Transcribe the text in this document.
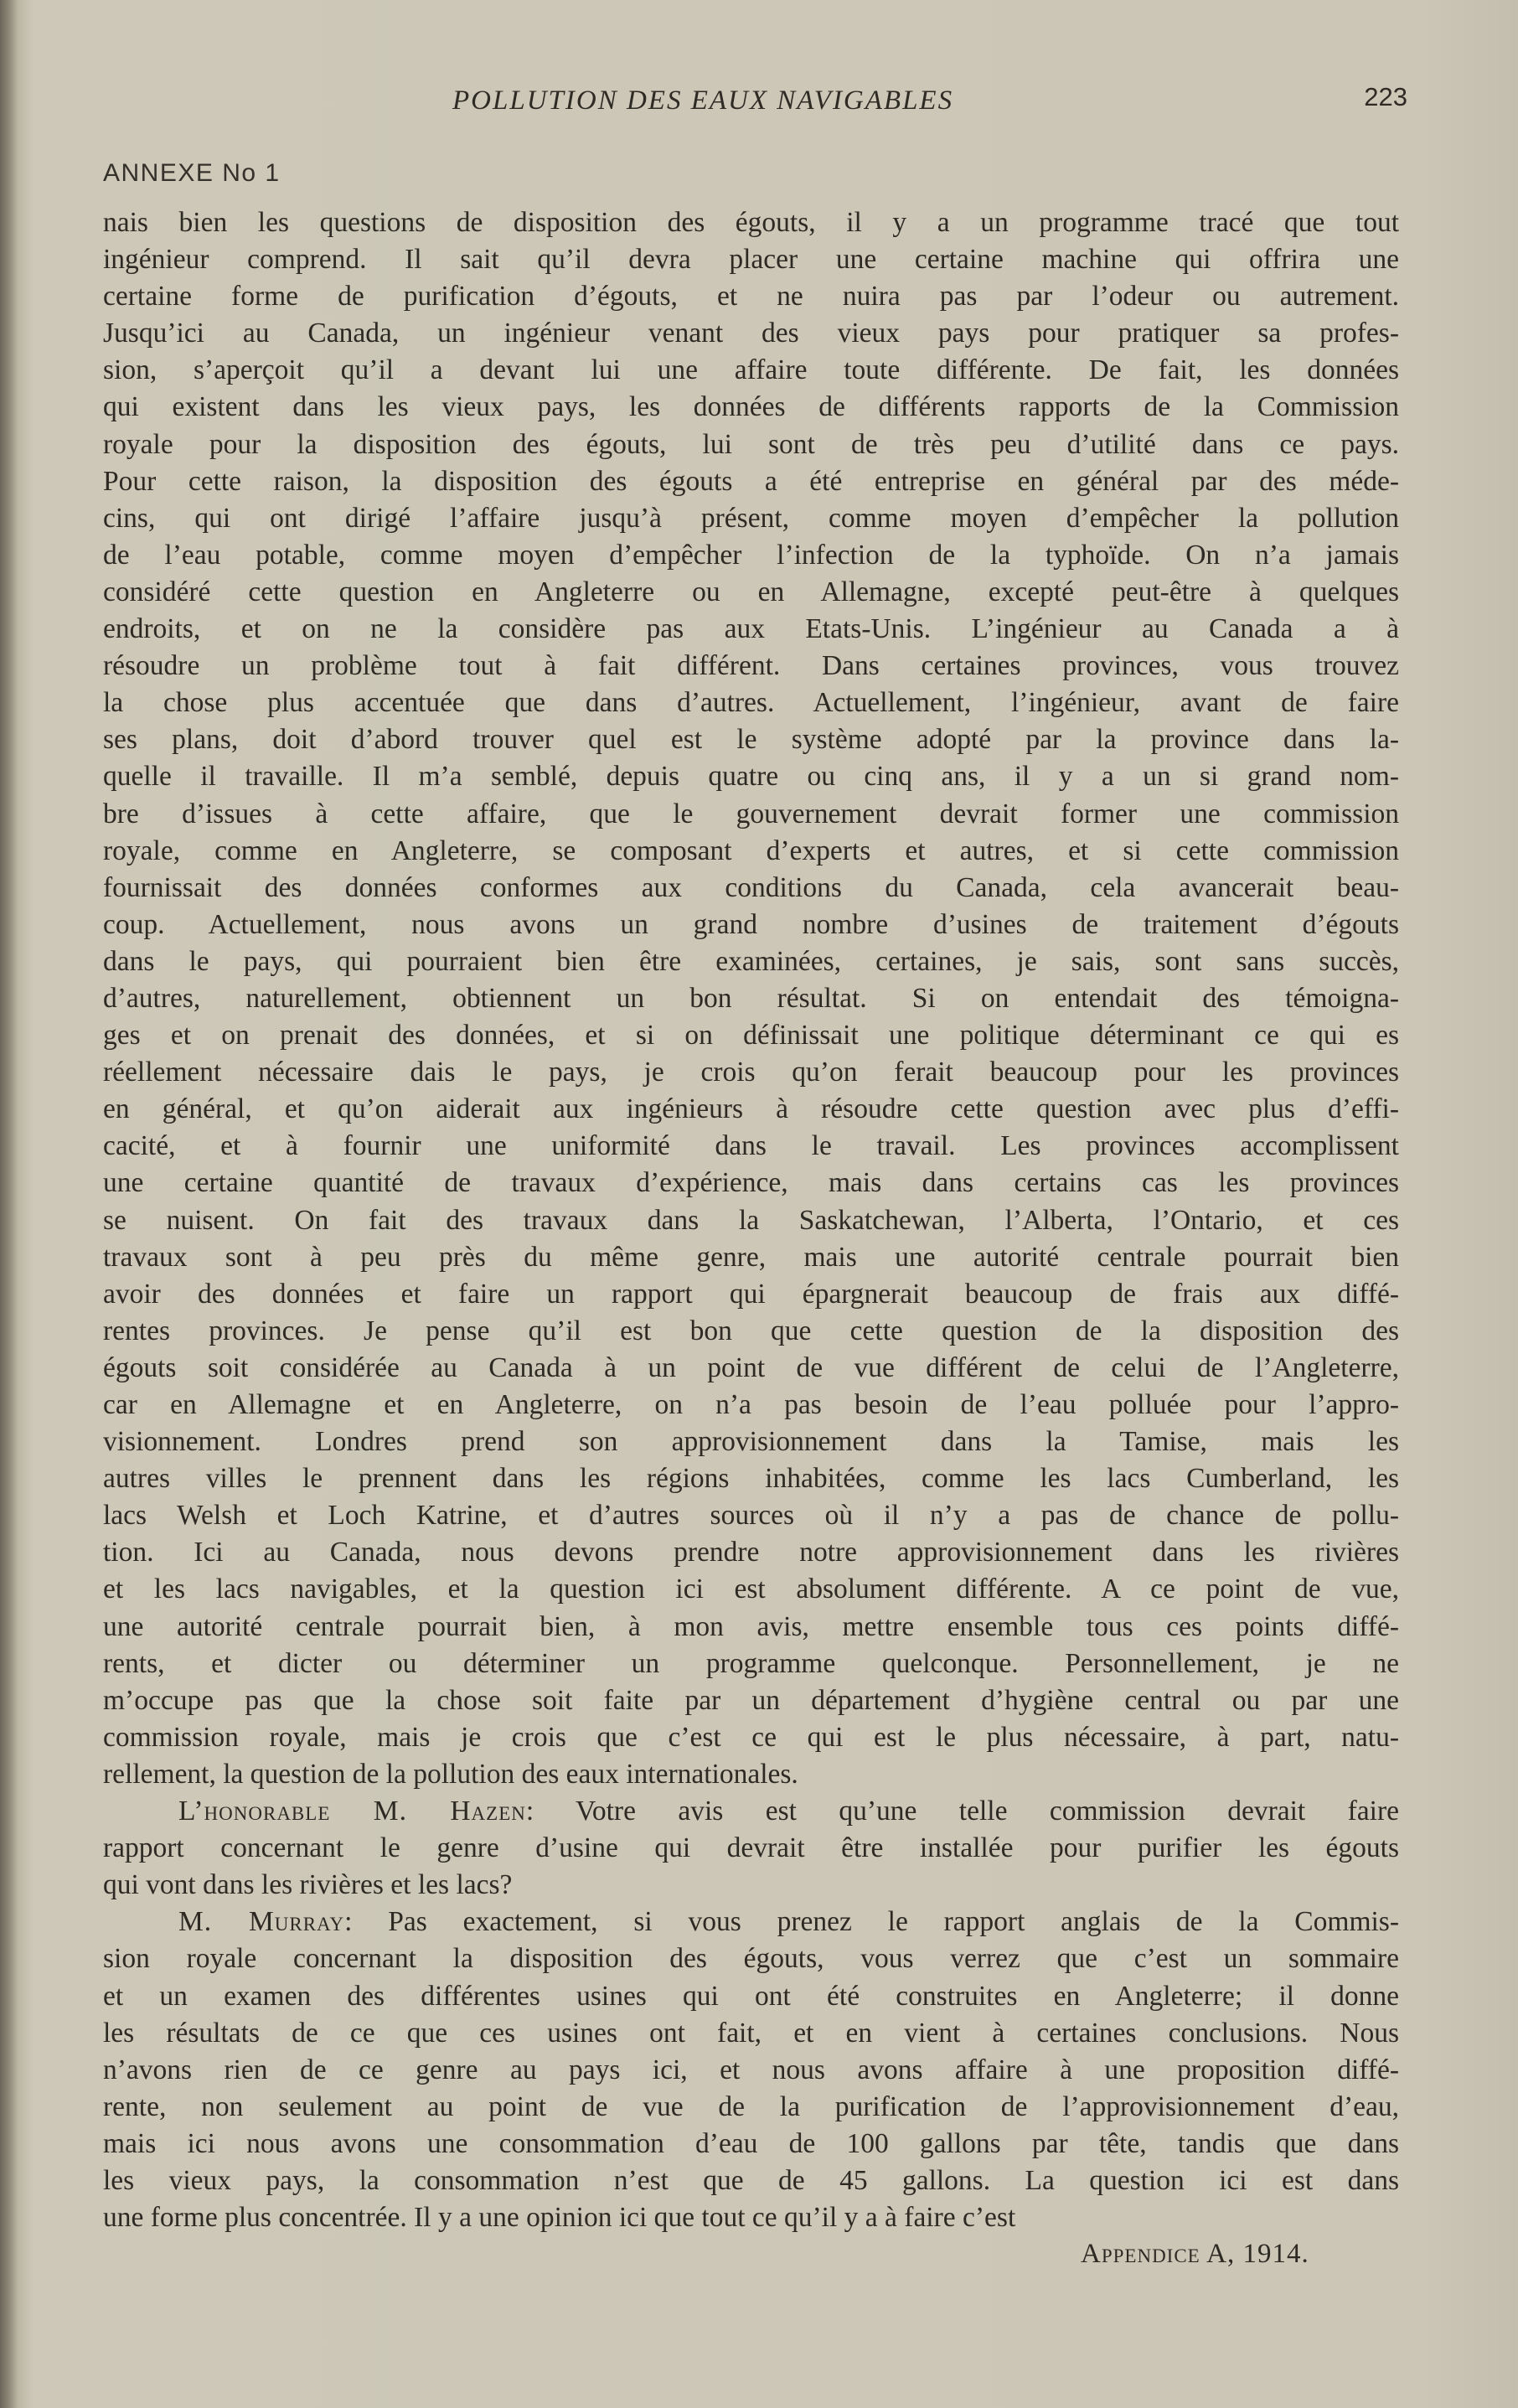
POLLUTION DES EAUX NAVIGABLES	223
ANNEXE No 1

nais bien les questions de disposition des égouts, il y a un programme tracé que tout

ingénieur comprend. Il sait qu’il devra placer une certaine machine qui offrira une

certaine forme de purification d’égouts, et ne nuira pas par l’odeur ou autrement.

Jusqu’ici au Canada, un ingénieur venant des vieux pays pour pratiquer sa profes-

sion, s’aperçoit qu’il a devant lui une affaire toute différente. De fait, les données

qui existent dans les vieux pays, les données de différents rapports de la Commission

royale pour la disposition des égouts, lui sont de très peu d’utilité dans ce pays.

Pour cette raison, la disposition des égouts a été entreprise en général par des méde-

cins, qui ont dirigé l’affaire jusqu’à présent, comme moyen d’empêcher la pollution

de l’eau potable, comme moyen d’empêcher l’infection de la typhoïde. On n’a jamais

considéré cette question en Angleterre ou en Allemagne, excepté peut-être à quelques

endroits, et on ne la considère pas aux Etats-Unis. L’ingénieur au Canada a à

résoudre un problème tout à fait différent. Dans certaines provinces, vous trouvez

la chose plus accentuée que dans d’autres. Actuellement, l’ingénieur, avant de faire

ses plans, doit d’abord trouver quel est le système adopté par la province dans la-

quelle il travaille. Il m’a semblé, depuis quatre ou cinq ans, il y a un si grand nom-

bre d’issues à cette affaire, que le gouvernement devrait former une commission

royale, comme en Angleterre, se composant d’experts et autres, et si cette commission

fournissait des données conformes aux conditions du Canada, cela avancerait beau-

coup. Actuellement, nous avons un grand nombre d’usines de traitement d’égouts

dans le pays, qui pourraient bien être examinées, certaines, je sais, sont sans succès,

d’autres, naturellement, obtiennent un bon résultat. Si on entendait des témoigna-

ges et on prenait des données, et si on définissait une politique déterminant ce qui es

réellement nécessaire dais le pays, je crois qu’on ferait beaucoup pour les provinces

en général, et qu’on aiderait aux ingénieurs à résoudre cette question avec plus d’effi-

cacité, et à fournir une uniformité dans le travail. Les provinces accomplissent

une certaine quantité de travaux d’expérience, mais dans certains cas les provinces

se nuisent. On fait des travaux dans la Saskatchewan, l’Alberta, l’Ontario, et ces

travaux sont à peu près du même genre, mais une autorité centrale pourrait bien

avoir des données et faire un rapport qui épargnerait beaucoup de frais aux diffé-

rentes provinces. Je pense qu’il est bon que cette question de la disposition des

égouts soit considérée au Canada à un point de vue différent de celui de l’Angleterre,

car en Allemagne et en Angleterre, on n’a pas besoin de l’eau polluée pour l’appro-

visionnement. Londres prend son approvisionnement dans la Tamise, mais les

autres villes le prennent dans les régions inhabitées, comme les lacs Cumberland, les

lacs Welsh et Loch Katrine, et d’autres sources où il n’y a pas de chance de pollu-

tion. Ici au Canada, nous devons prendre notre approvisionnement dans les rivières

et les lacs navigables, et la question ici est absolument différente. A ce point de vue,

une autorité centrale pourrait bien, à mon avis, mettre ensemble tous ces points diffé-

rents, et dicter ou déterminer un programme quelconque. Personnellement, je ne

m’occupe pas que la chose soit faite par un département d’hygiène central ou par une

commission royale, mais je crois que c’est ce qui est le plus nécessaire, à part, natu-

rellement, la question de la pollution des eaux internationales.

L’honorable M. Hazen: Votre avis est qu’une telle commission devrait faire

rapport concernant le genre d’usine qui devrait être installée pour purifier les égouts

qui vont dans les rivières et les lacs?

M. Murray: Pas exactement, si vous prenez le rapport anglais de la Commis-

sion royale concernant la disposition des égouts, vous verrez que c’est un sommaire

et un examen des différentes usines qui ont été construites en Angleterre; il donne

les résultats de ce que ces usines ont fait, et en vient à certaines conclusions. Nous

n’avons rien de ce genre au pays ici, et nous avons affaire à une proposition diffé-

rente, non seulement au point de vue de la purification de l’approvisionnement d’eau,

mais ici nous avons une consommation d’eau de 100 gallons par tête, tandis que dans

les vieux pays, la consommation n’est que de 45 gallons. La question ici est dans

une forme plus concentrée. Il y a une opinion ici que tout ce qu’il y a à faire c’est

Appendice A, 1914.
